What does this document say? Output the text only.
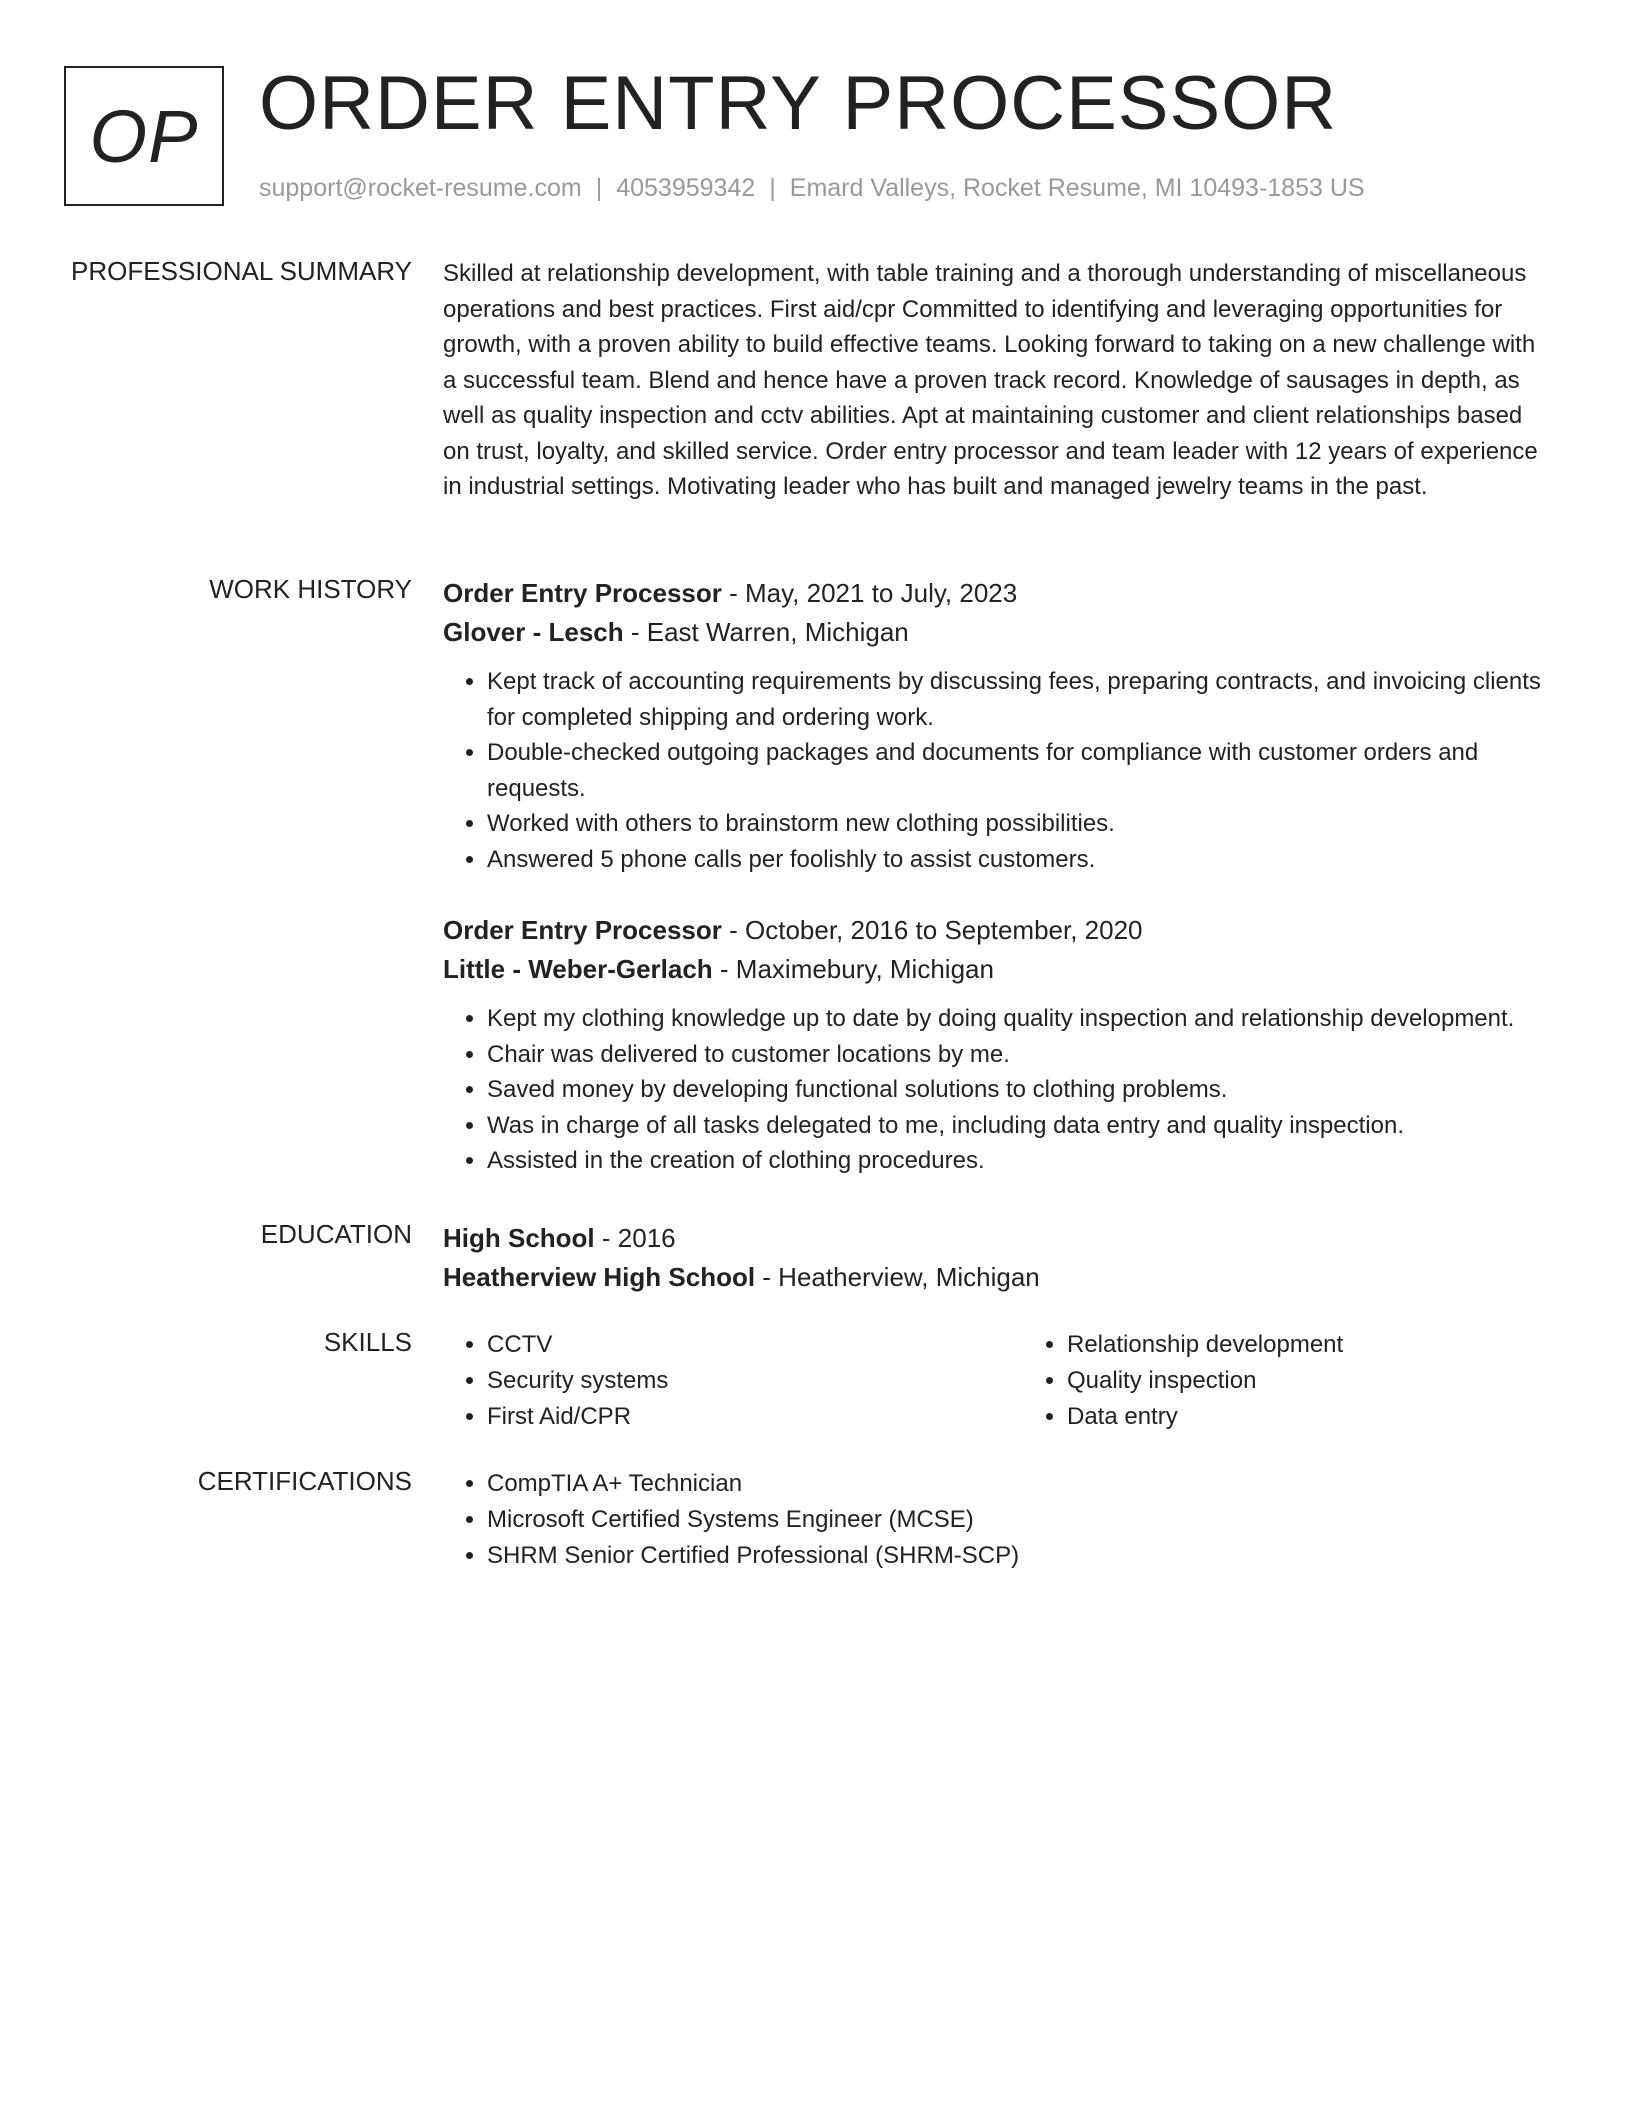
OP ORDER ENTRY PROCESSOR
support@rocket-resume.com | 4053959342 | Emard Valleys, Rocket Resume, MI 10493-1853 US
PROFESSIONAL SUMMARY Skilled at relationship development, with table training and a thorough understanding of miscellaneous operations and best practices. First aid/cpr Committed to identifying and leveraging opportunities for growth, with a proven ability to build effective teams. Looking forward to taking on a new challenge with a successful team. Blend and hence have a proven track record. Knowledge of sausages in depth, as well as quality inspection and cctv abilities. Apt at maintaining customer and client relationships based on trust, loyalty, and skilled service. Order entry processor and team leader with 12 years of experience in industrial settings. Motivating leader who has built and managed jewelry teams in the past.

WORK HISTORY Order Entry Processor - May, 2021 to July, 2023
Glover - Lesch - East Warren, Michigan
• Kept track of accounting requirements by discussing fees, preparing contracts, and invoicing clients for completed shipping and ordering work.
• Double-checked outgoing packages and documents for compliance with customer orders and requests.
• Worked with others to brainstorm new clothing possibilities.
• Answered 5 phone calls per foolishly to assist customers.
Order Entry Processor - October, 2016 to September, 2020
Little - Weber-Gerlach - Maximebury, Michigan
• Kept my clothing knowledge up to date by doing quality inspection and relationship development.
• Chair was delivered to customer locations by me.
• Saved money by developing functional solutions to clothing problems.
• Was in charge of all tasks delegated to me, including data entry and quality inspection.
• Assisted in the creation of clothing procedures.
EDUCATION High School - 2016
Heatherview High School - Heatherview, Michigan
SKILLS	• CCTV
• Security systems
• First Aid/CPR
• Relationship development
• Quality inspection
• Data entry
CERTIFICATIONS	• CompTIA A+ Technician
• Microsoft Certified Systems Engineer (MCSE)
• SHRM Senior Certified Professional (SHRM-SCP)
